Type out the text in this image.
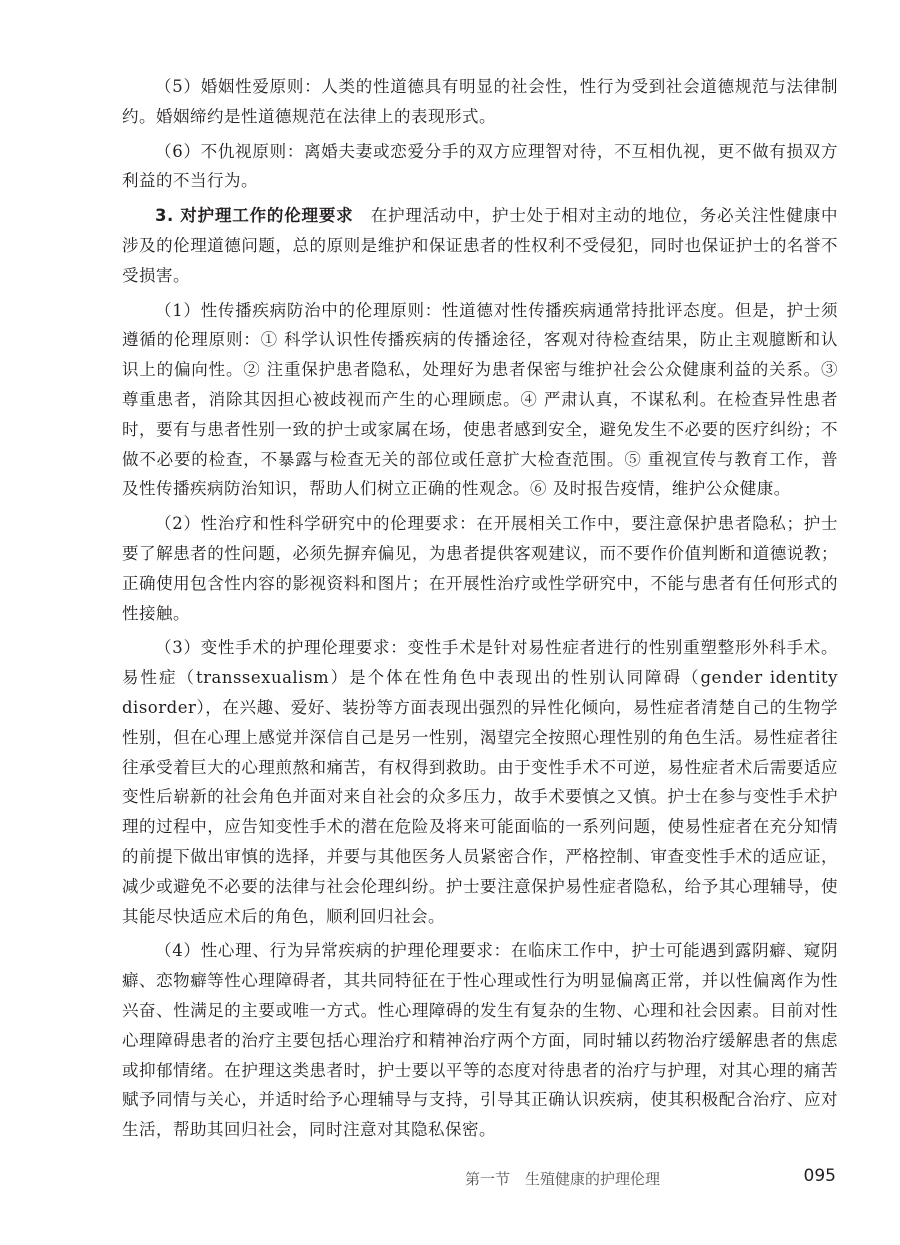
（5）婚姻性爱原则：人类的性道德具有明显的社会性，性行为受到社会道德规范与法律制约。婚姻缔约是性道德规范在法律上的表现形式。

（6）不仇视原则：离婚夫妻或恋爱分手的双方应理智对待，不互相仇视，更不做有损双方利益的不当行为。

3. 对护理工作的伦理要求　 在护理活动中，护士处于相对主动的地位，务必关注性健康中涉及的伦理道德问题，总的原则是维护和保证患者的性权利不受侵犯，同时也保证护士的名誉不受损害。

（1）性传播疾病防治中的伦理原则：性道德对性传播疾病通常持批评态度。但是，护士须遵循的伦理原则：① 科学认识性传播疾病的传播途径，客观对待检查结果，防止主观臆断和认识上的偏向性。② 注重保护患者隐私，处理好为患者保密与维护社会公众健康利益的关系。③ 尊重患者，消除其因担心被歧视而产生的心理顾虑。④ 严肃认真，不谋私利。在检查异性患者时，要有与患者性别一致的护士或家属在场，使患者感到安全，避免发生不必要的医疗纠纷；不做不必要的检查，不暴露与检查无关的部位或任意扩大检查范围。⑤ 重视宣传与教育工作，普及性传播疾病防治知识，帮助人们树立正确的性观念。⑥ 及时报告疫情，维护公众健康。

（2）性治疗和性科学研究中的伦理要求：在开展相关工作中，要注意保护患者隐私；护士要了解患者的性问题，必须先摒弃偏见，为患者提供客观建议，而不要作价值判断和道德说教；正确使用包含性内容的影视资料和图片；在开展性治疗或性学研究中，不能与患者有任何形式的性接触。

（3）变性手术的护理伦理要求：变性手术是针对易性症者进行的性别重塑整形外科手术。易性症（transsexualism）是个体在性角色中表现出的性别认同障碍（gender identity disorder），在兴趣、爱好、装扮等方面表现出强烈的异性化倾向，易性症者清楚自己的生物学性别，但在心理上感觉并深信自己是另一性别，渴望完全按照心理性别的角色生活。易性症者往往承受着巨大的心理煎熬和痛苦，有权得到救助。由于变性手术不可逆，易性症者术后需要适应变性后崭新的社会角色并面对来自社会的众多压力，故手术要慎之又慎。护士在参与变性手术护理的过程中，应告知变性手术的潜在危险及将来可能面临的一系列问题，使易性症者在充分知情的前提下做出审慎的选择，并要与其他医务人员紧密合作，严格控制、审查变性手术的适应证，减少或避免不必要的法律与社会伦理纠纷。护士要注意保护易性症者隐私，给予其心理辅导，使其能尽快适应术后的角色，顺利回归社会。

（4）性心理、行为异常疾病的护理伦理要求：在临床工作中，护士可能遇到露阴癖、窥阴癖、恋物癖等性心理障碍者，其共同特征在于性心理或性行为明显偏离正常，并以性偏离作为性兴奋、性满足的主要或唯一方式。性心理障碍的发生有复杂的生物、心理和社会因素。目前对性心理障碍患者的治疗主要包括心理治疗和精神治疗两个方面，同时辅以药物治疗缓解患者的焦虑或抑郁情绪。在护理这类患者时，护士要以平等的态度对待患者的治疗与护理，对其心理的痛苦赋予同情与关心，并适时给予心理辅导与支持，引导其正确认识疾病，使其积极配合治疗、应对生活，帮助其回归社会，同时注意对其隐私保密。

第一节　生殖健康的护理伦理	095
